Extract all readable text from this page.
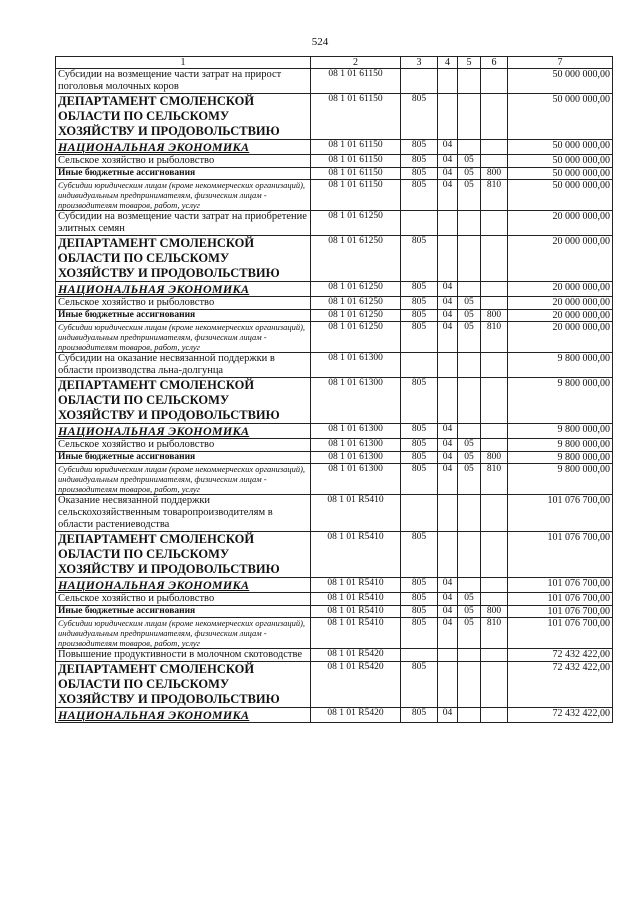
524
1	2	3	4	5	6	7
Субсидии на возмещение части затрат на прирост поголовья молочных коров	08 1 01 61150					50 000 000,00
ДЕПАРТАМЕНТ СМОЛЕНСКОЙ ОБЛАСТИ ПО СЕЛЬСКОМУ ХОЗЯЙСТВУ И ПРОДОВОЛЬСТВИЮ	08 1 01 61150	805				50 000 000,00
НАЦИОНАЛЬНАЯ ЭКОНОМИКА	08 1 01 61150	805	04			50 000 000,00
Сельское хозяйство и рыболовство	08 1 01 61150	805	04	05		50 000 000,00
Иные бюджетные ассигнования	08 1 01 61150	805	04	05	800	50 000 000,00
Субсидии юридическим лицам (кроме некоммерческих организаций), индивидуальным предпринимателям, физическим лицам - производителям товаров, работ, услуг	08 1 01 61150	805	04	05	810	50 000 000,00
Субсидии на возмещение части затрат на приобретение элитных семян	08 1 01 61250					20 000 000,00
ДЕПАРТАМЕНТ СМОЛЕНСКОЙ ОБЛАСТИ ПО СЕЛЬСКОМУ ХОЗЯЙСТВУ И ПРОДОВОЛЬСТВИЮ	08 1 01 61250	805				20 000 000,00
НАЦИОНАЛЬНАЯ ЭКОНОМИКА	08 1 01 61250	805	04			20 000 000,00
Сельское хозяйство и рыболовство	08 1 01 61250	805	04	05		20 000 000,00
Иные бюджетные ассигнования	08 1 01 61250	805	04	05	800	20 000 000,00
Субсидии юридическим лицам (кроме некоммерческих организаций), индивидуальным предпринимателям, физическим лицам - производителям товаров, работ, услуг	08 1 01 61250	805	04	05	810	20 000 000,00
Субсидии на оказание несвязанной поддержки в области производства льна-долгунца	08 1 01 61300					9 800 000,00
ДЕПАРТАМЕНТ СМОЛЕНСКОЙ ОБЛАСТИ ПО СЕЛЬСКОМУ ХОЗЯЙСТВУ И ПРОДОВОЛЬСТВИЮ	08 1 01 61300	805				9 800 000,00
НАЦИОНАЛЬНАЯ ЭКОНОМИКА	08 1 01 61300	805	04			9 800 000,00
Сельское хозяйство и рыболовство	08 1 01 61300	805	04	05		9 800 000,00
Иные бюджетные ассигнования	08 1 01 61300	805	04	05	800	9 800 000,00
Субсидии юридическим лицам (кроме некоммерческих организаций), индивидуальным предпринимателям, физическим лицам - производителям товаров, работ, услуг	08 1 01 61300	805	04	05	810	9 800 000,00
Оказание несвязанной поддержки сельскохозяйственным товаропроизводителям в области растениеводства	08 1 01 R5410					101 076 700,00
ДЕПАРТАМЕНТ СМОЛЕНСКОЙ ОБЛАСТИ ПО СЕЛЬСКОМУ ХОЗЯЙСТВУ И ПРОДОВОЛЬСТВИЮ	08 1 01 R5410	805				101 076 700,00
НАЦИОНАЛЬНАЯ ЭКОНОМИКА	08 1 01 R5410	805	04			101 076 700,00
Сельское хозяйство и рыболовство	08 1 01 R5410	805	04	05		101 076 700,00
Иные бюджетные ассигнования	08 1 01 R5410	805	04	05	800	101 076 700,00
Субсидии юридическим лицам (кроме некоммерческих организаций), индивидуальным предпринимателям, физическим лицам - производителям товаров, работ, услуг	08 1 01 R5410	805	04	05	810	101 076 700,00
Повышение продуктивности в молочном скотоводстве	08 1 01 R5420					72 432 422,00
ДЕПАРТАМЕНТ СМОЛЕНСКОЙ ОБЛАСТИ ПО СЕЛЬСКОМУ ХОЗЯЙСТВУ И ПРОДОВОЛЬСТВИЮ	08 1 01 R5420	805				72 432 422,00
НАЦИОНАЛЬНАЯ ЭКОНОМИКА	08 1 01 R5420	805	04			72 432 422,00
